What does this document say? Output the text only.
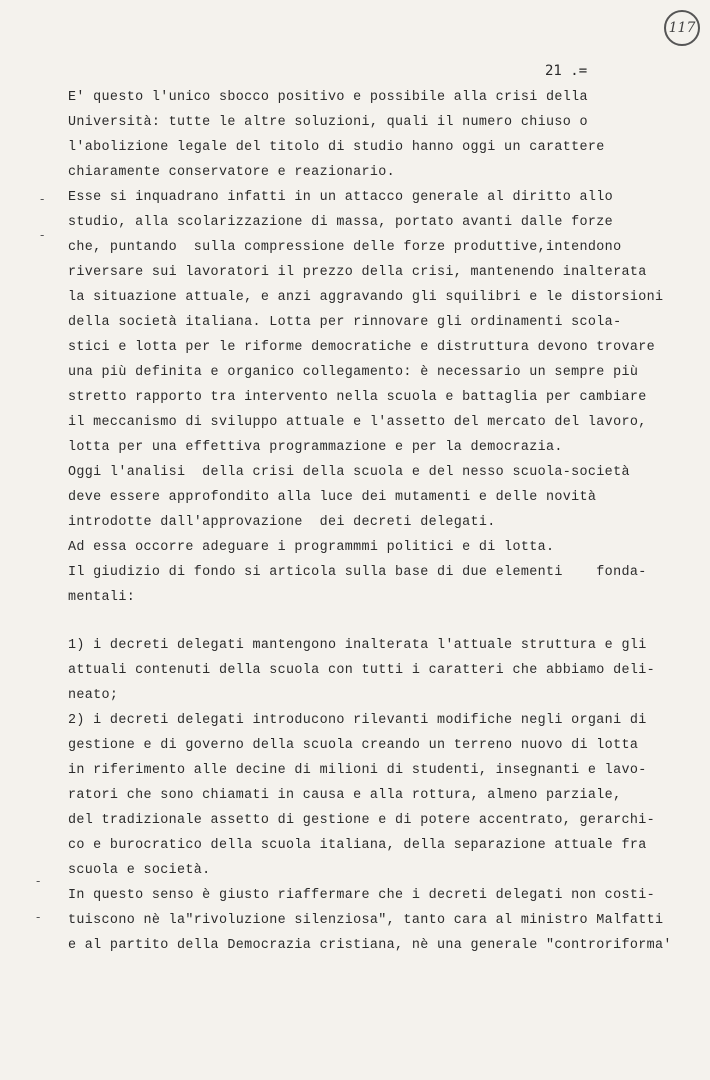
117
21 .=
-
-
-
-
E' questo l'unico sbocco positivo e possibile alla crisi della
Università: tutte le altre soluzioni, quali il numero chiuso o
l'abolizione legale del titolo di studio hanno oggi un carattere
chiaramente conservatore e reazionario.
Esse si inquadrano infatti in un attacco generale al diritto allo
studio, alla scolarizzazione di massa, portato avanti dalle forze
che, puntando  sulla compressione delle forze produttive,intendono
riversare sui lavoratori il prezzo della crisi, mantenendo inalterata
la situazione attuale, e anzi aggravando gli squilibri e le distorsioni
della società italiana. Lotta per rinnovare gli ordinamenti scola-
stici e lotta per le riforme democratiche e distruttura devono trovare
una più definita e organico collegamento: è necessario un sempre più
stretto rapporto tra intervento nella scuola e battaglia per cambiare
il meccanismo di sviluppo attuale e l'assetto del mercato del lavoro,
lotta per una effettiva programmazione e per la democrazia.
Oggi l'analisi  della crisi della scuola e del nesso scuola-società
deve essere approfondito alla luce dei mutamenti e delle novità
introdotte dall'approvazione  dei decreti delegati.
Ad essa occorre adeguare i programmmi politici e di lotta.
Il giudizio di fondo si articola sulla base di due elementi    fonda-
mentali:
1) i decreti delegati mantengono inalterata l'attuale struttura e gli
attuali contenuti della scuola con tutti i caratteri che abbiamo deli-
neato;
2) i decreti delegati introducono rilevanti modifiche negli organi di
gestione e di governo della scuola creando un terreno nuovo di lotta
in riferimento alle decine di milioni di studenti, insegnanti e lavo-
ratori che sono chiamati in causa e alla rottura, almeno parziale,
del tradizionale assetto di gestione e di potere accentrato, gerarchi-
co e burocratico della scuola italiana, della separazione attuale fra
scuola e società.
In questo senso è giusto riaffermare che i decreti delegati non costi-
tuiscono nè la"rivoluzione silenziosa", tanto cara al ministro Malfatti
e al partito della Democrazia cristiana, nè una generale "controriforma'
